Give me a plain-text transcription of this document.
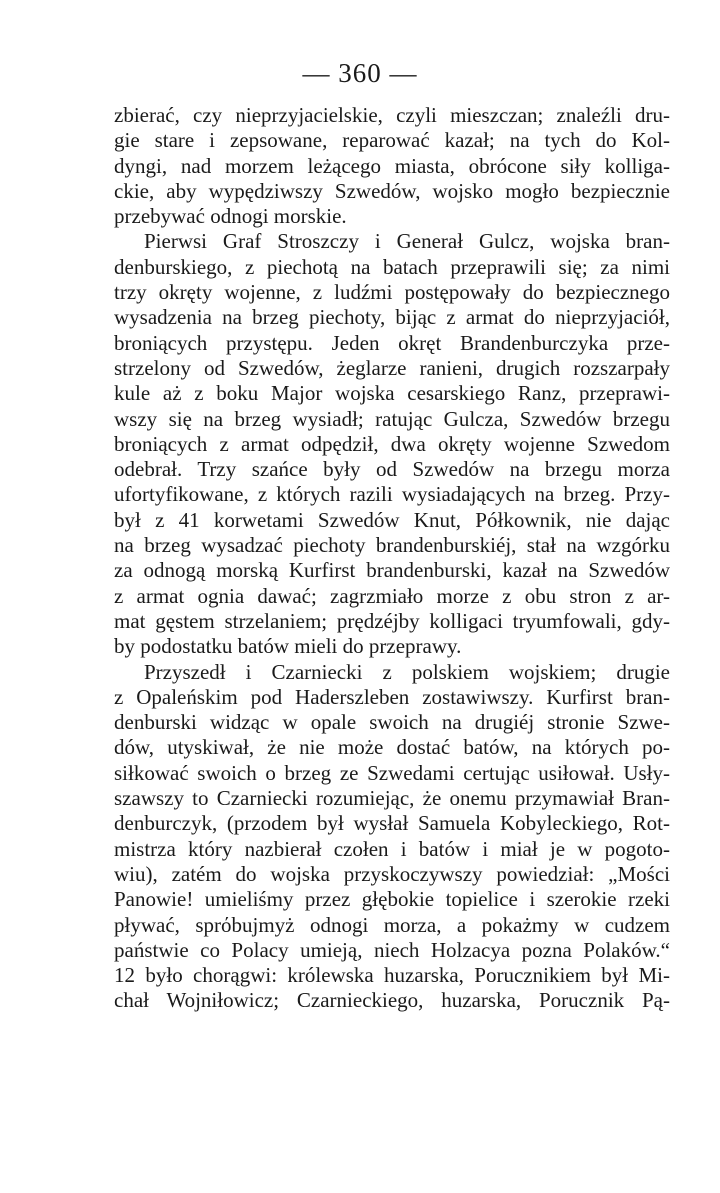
— 360 —
zbierać, czy nieprzyjacielskie, czyli mieszczan; znaleźli dru-
gie stare i zepsowane, reparować kazał; na tych do Kol-
dyngi, nad morzem leżącego miasta, obrócone siły kolliga-
ckie, aby wypędziwszy Szwedów, wojsko mogło bezpiecznie
przebywać odnogi morskie.
Pierwsi Graf Stroszczy i Generał Gulcz, wojska bran-
denburskiego, z piechotą na batach przeprawili się; za nimi
trzy okręty wojenne, z ludźmi postępowały do bezpiecznego
wysadzenia na brzeg piechoty, bijąc z armat do nieprzyjaciół,
broniących przystępu. Jeden okręt Brandenburczyka prze-
strzelony od Szwedów, żeglarze ranieni, drugich rozszarpały
kule aż z boku Major wojska cesarskiego Ranz, przeprawi-
wszy się na brzeg wysiadł; ratując Gulcza, Szwedów brzegu
broniących z armat odpędził, dwa okręty wojenne Szwedom
odebrał. Trzy szańce były od Szwedów na brzegu morza
ufortyfikowane, z których razili wysiadających na brzeg. Przy-
był z 41 korwetami Szwedów Knut, Półkownik, nie dając
na brzeg wysadzać piechoty brandenburskiéj, stał na wzgórku
za odnogą morską Kurfirst brandenburski, kazał na Szwedów
z armat ognia dawać; zagrzmiało morze z obu stron z ar-
mat gęstem strzelaniem; prędzéjby kolligaci tryumfowali, gdy-
by podostatku batów mieli do przeprawy.
Przyszedł i Czarniecki z polskiem wojskiem; drugie
z Opaleńskim pod Haderszleben zostawiwszy. Kurfirst bran-
denburski widząc w opale swoich na drugiéj stronie Szwe-
dów, utyskiwał, że nie może dostać batów, na których po-
siłkować swoich o brzeg ze Szwedami certując usiłował. Usły-
szawszy to Czarniecki rozumiejąc, że onemu przymawiał Bran-
denburczyk, (przodem był wysłał Samuela Kobyleckiego, Rot-
mistrza który nazbierał czołen i batów i miał je w pogoto-
wiu), zatém do wojska przyskoczywszy powiedział: „Mości
Panowie! umieliśmy przez głębokie topielice i szerokie rzeki
pływać, sprόbujmyż odnogi morza, a pokażmy w cudzem
państwie co Polacy umieją, niech Holzacya pozna Polaków.“
12 było chorągwi: królewska huzarska, Porucznikiem był Mi-
chał Wojniłowicz; Czarnieckiego, huzarska, Porucznik Pą-
